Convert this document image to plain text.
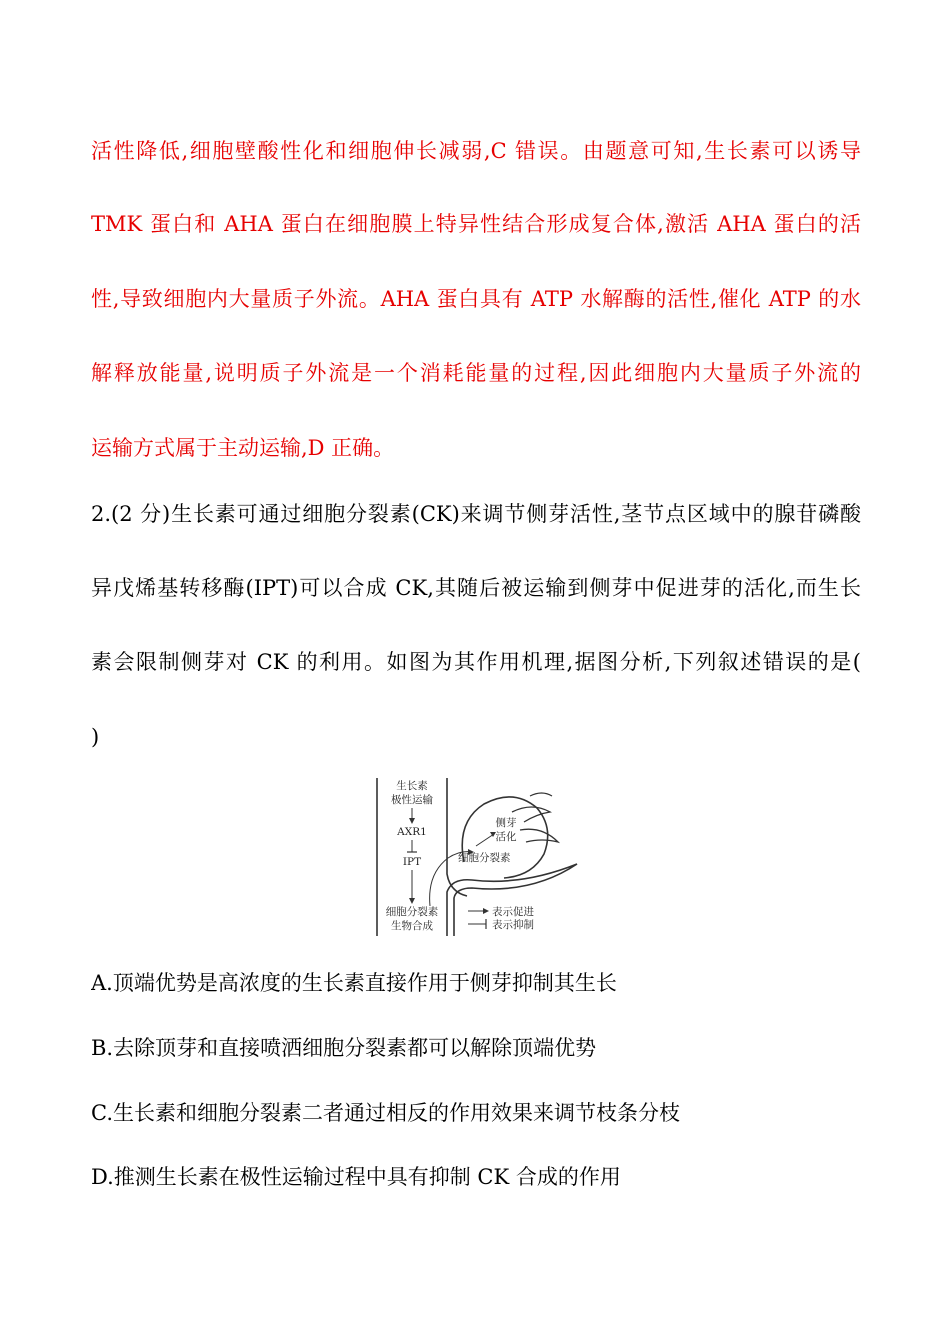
活性降低,细胞壁酸性化和细胞伸长减弱,C 错误。由题意可知,生长素可以诱导
TMK 蛋白和 AHA 蛋白在细胞膜上特异性结合形成复合体,激活 AHA 蛋白的活
性,导致细胞内大量质子外流。AHA 蛋白具有 ATP 水解酶的活性,催化 ATP 的水
解释放能量,说明质子外流是一个消耗能量的过程,因此细胞内大量质子外流的
运输方式属于主动运输,D 正确。
2.(2 分)生长素可通过细胞分裂素(CK)来调节侧芽活性,茎节点区域中的腺苷磷酸
异戊烯基转移酶(IPT)可以合成 CK,其随后被运输到侧芽中促进芽的活化,而生长
素会限制侧芽对 CK 的利用。如图为其作用机理,据图分析,下列叙述错误的是(
)
生长素
极性运输
AXR1
IPT
细胞分裂素
生物合成
细胞分裂素
侧芽
活化
表示促进
表示抑制
A.顶端优势是高浓度的生长素直接作用于侧芽抑制其生长
B.去除顶芽和直接喷洒细胞分裂素都可以解除顶端优势
C.生长素和细胞分裂素二者通过相反的作用效果来调节枝条分枝
D.推测生长素在极性运输过程中具有抑制 CK 合成的作用
